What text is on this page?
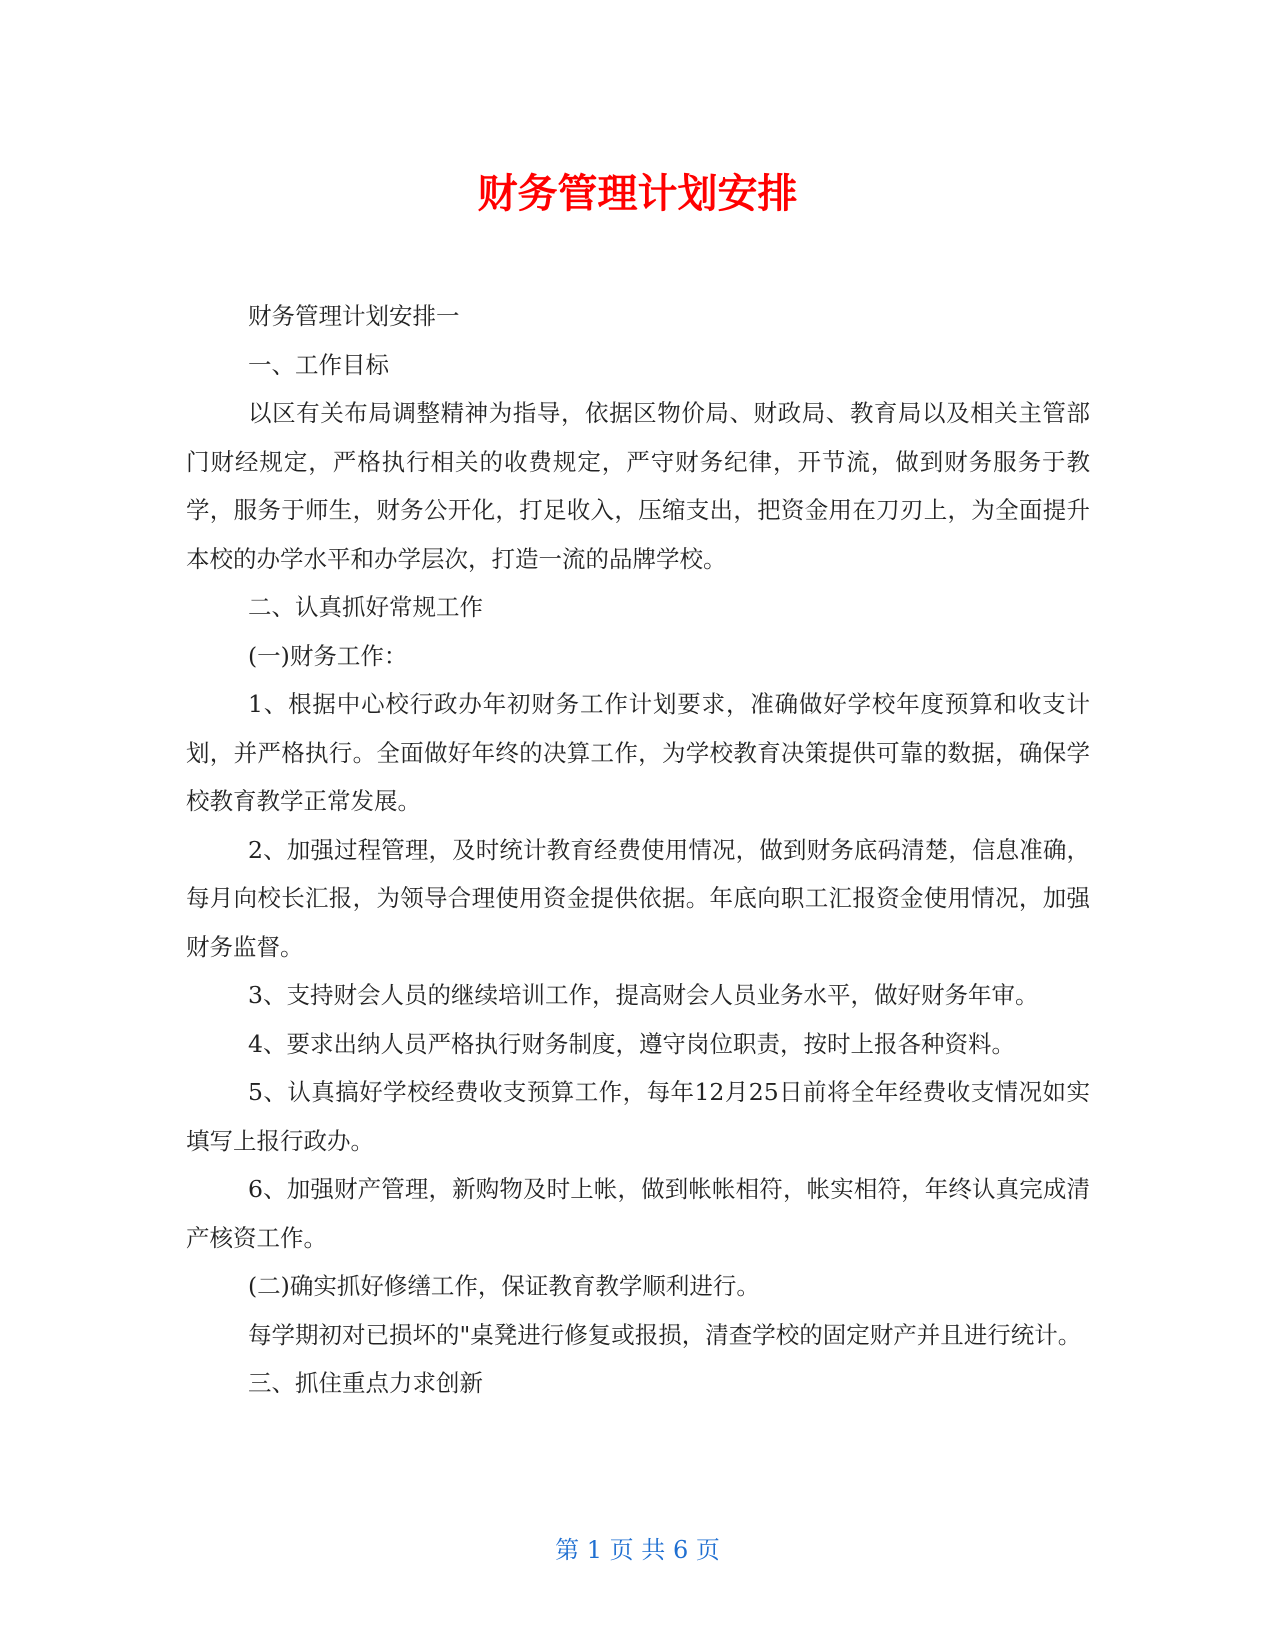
财务管理计划安排

财务管理计划安排一

一、工作目标

以区有关布局调整精神为指导，依据区物价局、财政局、教育局以及相关主管部门财经规定，严格执行相关的收费规定，严守财务纪律，开节流，做到财务服务于教学，服务于师生，财务公开化，打足收入，压缩支出，把资金用在刀刃上，为全面提升本校的办学水平和办学层次，打造一流的品牌学校。

二、认真抓好常规工作

(一)财务工作：

1、根据中心校行政办年初财务工作计划要求，准确做好学校年度预算和收支计划，并严格执行。全面做好年终的决算工作，为学校教育决策提供可靠的数据，确保学校教育教学正常发展。

2、加强过程管理，及时统计教育经费使用情况，做到财务底码清楚，信息准确，每月向校长汇报，为领导合理使用资金提供依据。年底向职工汇报资金使用情况，加强财务监督。

3、支持财会人员的继续培训工作，提高财会人员业务水平，做好财务年审。

4、要求出纳人员严格执行财务制度，遵守岗位职责，按时上报各种资料。

5、认真搞好学校经费收支预算工作，每年12月25日前将全年经费收支情况如实填写上报行政办。

6、加强财产管理，新购物及时上帐，做到帐帐相符，帐实相符，年终认真完成清产核资工作。

(二)确实抓好修缮工作，保证教育教学顺利进行。

每学期初对已损坏的"桌凳进行修复或报损，清查学校的固定财产并且进行统计。

三、抓住重点力求创新

第 1 页 共 6 页
